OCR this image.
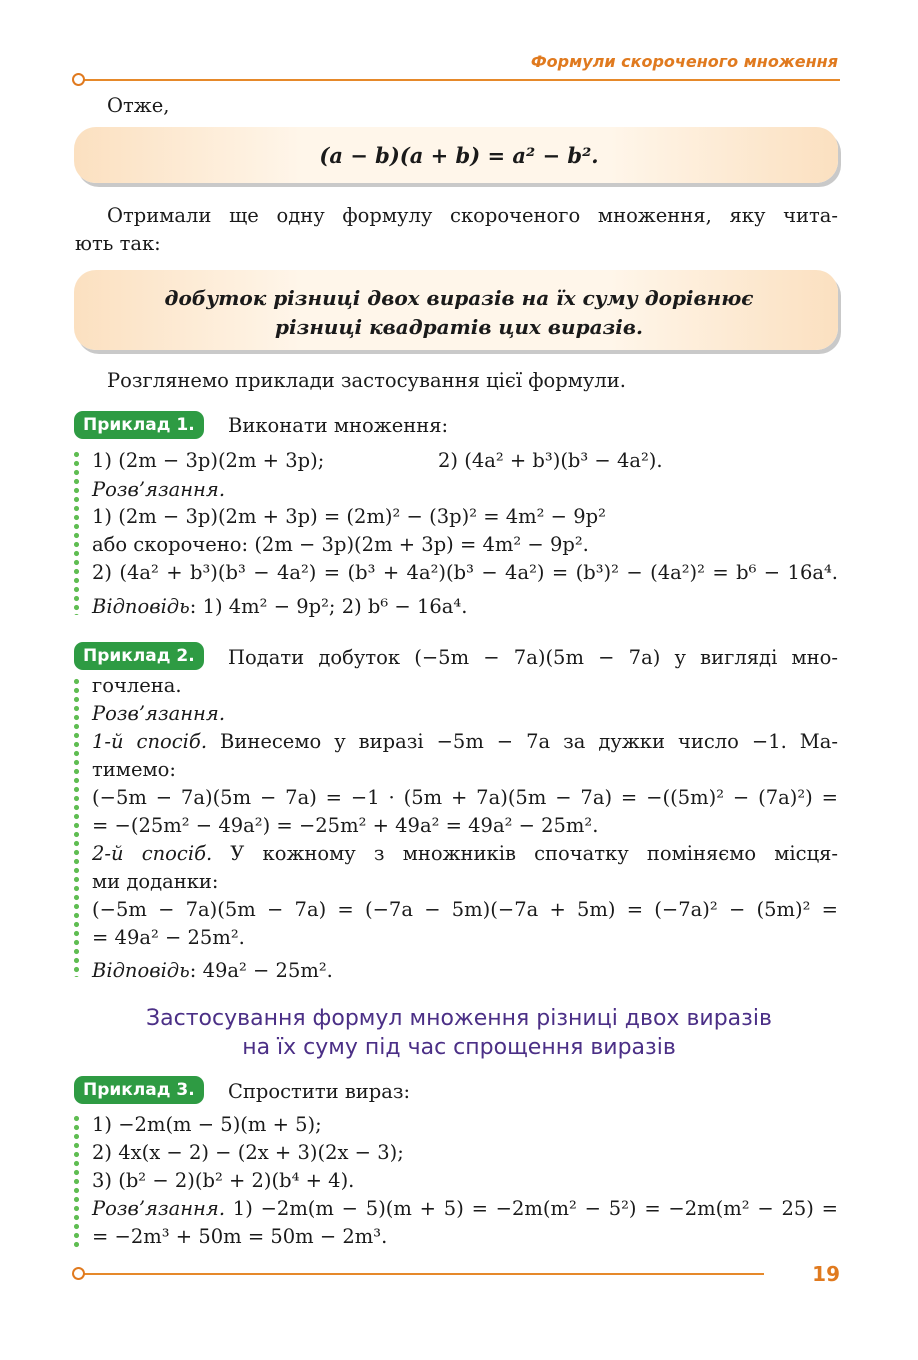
Формули скороченого множення
Отже,
(a − b)(a + b) = a² − b².
Отримали ще одну формулу скороченого множення, яку чита-
ють так:
добуток різниці двох виразів на їх суму дорівнює
різниці квадратів цих виразів.
Розглянемо приклади застосування цієї формули.
Приклад 1.	Виконати множення:
1) (2m − 3p)(2m + 3p);	2) (4a² + b³)(b³ − 4a²).
Розв’язання.
1) (2m − 3p)(2m + 3p) = (2m)² − (3p)² = 4m² − 9p²
або скорочено: (2m − 3p)(2m + 3p) = 4m² − 9p².
2) (4a² + b³)(b³ − 4a²) = (b³ + 4a²)(b³ − 4a²) = (b³)² − (4a²)² = b⁶ − 16a⁴.
Відповідь: 1) 4m² − 9p²; 2) b⁶ − 16a⁴.
Приклад 2.	Подати добуток (−5m − 7a)(5m − 7a) у вигляді мно-
гочлена.
Розв’язання.
1-й спосіб. Винесемо у виразі −5m − 7a за дужки число −1. Ма-
тимемо:
(−5m − 7a)(5m − 7a) = −1 · (5m + 7a)(5m − 7a) = −((5m)² − (7a)²) =
= −(25m² − 49a²) = −25m² + 49a² = 49a² − 25m².
2-й спосіб. У кожному з множників спочатку поміняємо місця-
ми доданки:
(−5m − 7a)(5m − 7a) = (−7a − 5m)(−7a + 5m) = (−7a)² − (5m)² =
= 49a² − 25m².
Відповідь: 49a² − 25m².
Застосування формул множення різниці двох виразів
на їх суму під час спрощення виразів
Приклад 3.	Спростити вираз:
1) −2m(m − 5)(m + 5);
2) 4x(x − 2) − (2x + 3)(2x − 3);
3) (b² − 2)(b² + 2)(b⁴ + 4).
Розв’язання. 1) −2m(m − 5)(m + 5) = −2m(m² − 5²) = −2m(m² − 25) =
= −2m³ + 50m = 50m − 2m³.
19
